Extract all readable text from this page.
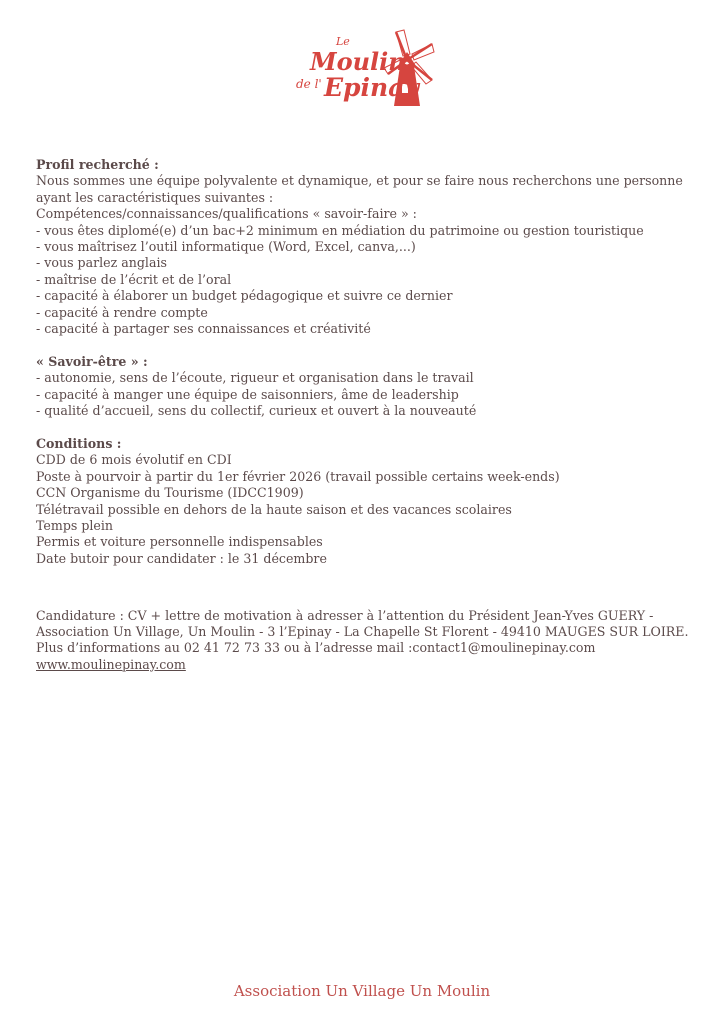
Le
Moulin
de l' Epinay
Profil recherché :
Nous sommes une équipe polyvalente et dynamique, et pour se faire nous recherchons une personne
ayant les caractéristiques suivantes :
Compétences/connaissances/qualifications « savoir-faire » :
- vous êtes diplomé(e) d’un bac+2 minimum en médiation du patrimoine ou gestion touristique
- vous maîtrisez l’outil informatique (Word, Excel, canva,...)
- vous parlez anglais
- maîtrise de l’écrit et de l’oral
- capacité à élaborer un budget pédagogique et suivre ce dernier
- capacité à rendre compte
- capacité à partager ses connaissances et créativité
« Savoir-être » :
- autonomie, sens de l’écoute, rigueur et organisation dans le travail
- capacité à manger une équipe de saisonniers, âme de leadership
- qualité d’accueil, sens du collectif, curieux et ouvert à la nouveauté
Conditions :
CDD de 6 mois évolutif en CDI
Poste à pourvoir à partir du 1er février 2026 (travail possible certains week-ends)
CCN Organisme du Tourisme (IDCC1909)
Télétravail possible en dehors de la haute saison et des vacances scolaires
Temps plein
Permis et voiture personnelle indispensables
Date butoir pour candidater : le 31 décembre
Candidature : CV + lettre de motivation à adresser à l’attention du Président Jean-Yves GUERY -
Association Un Village, Un Moulin - 3 l’Epinay - La Chapelle St Florent - 49410 MAUGES SUR LOIRE.
Plus d’informations au 02 41 72 73 33 ou à l’adresse mail :contact1@moulinepinay.com
www.moulinepinay.com
Association Un Village Un Moulin
